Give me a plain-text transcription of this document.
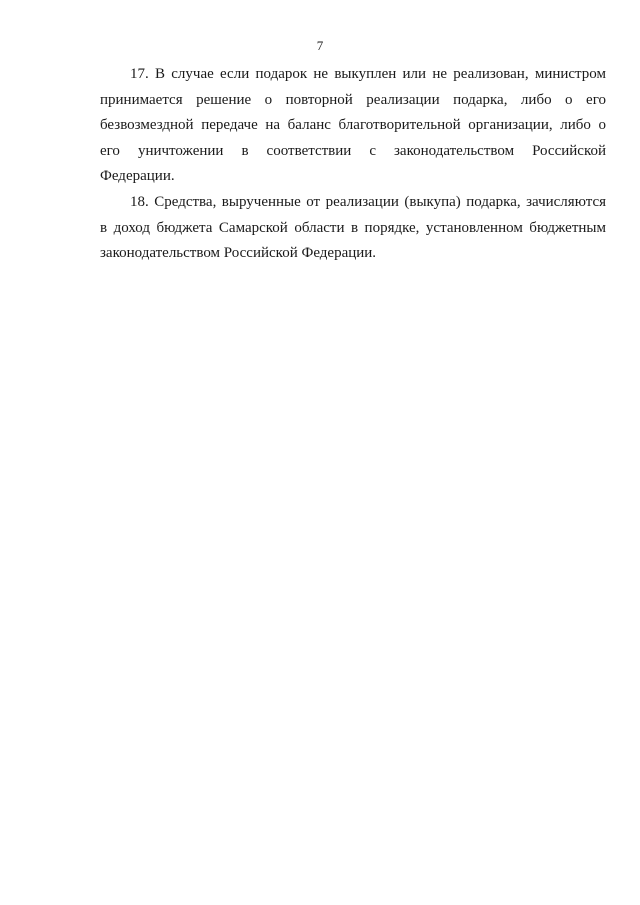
7
17. В случае если подарок не выкуплен или не реализован, министром
принимается решение о повторной реализации подарка, либо о его
безвозмездной передаче на баланс благотворительной организации, либо о
его уничтожении в соответствии с законодательством Российской
Федерации.
18. Средства, вырученные от реализации (выкупа) подарка, зачисляются
в доход бюджета Самарской области в порядке, установленном бюджетным
законодательством Российской Федерации.
